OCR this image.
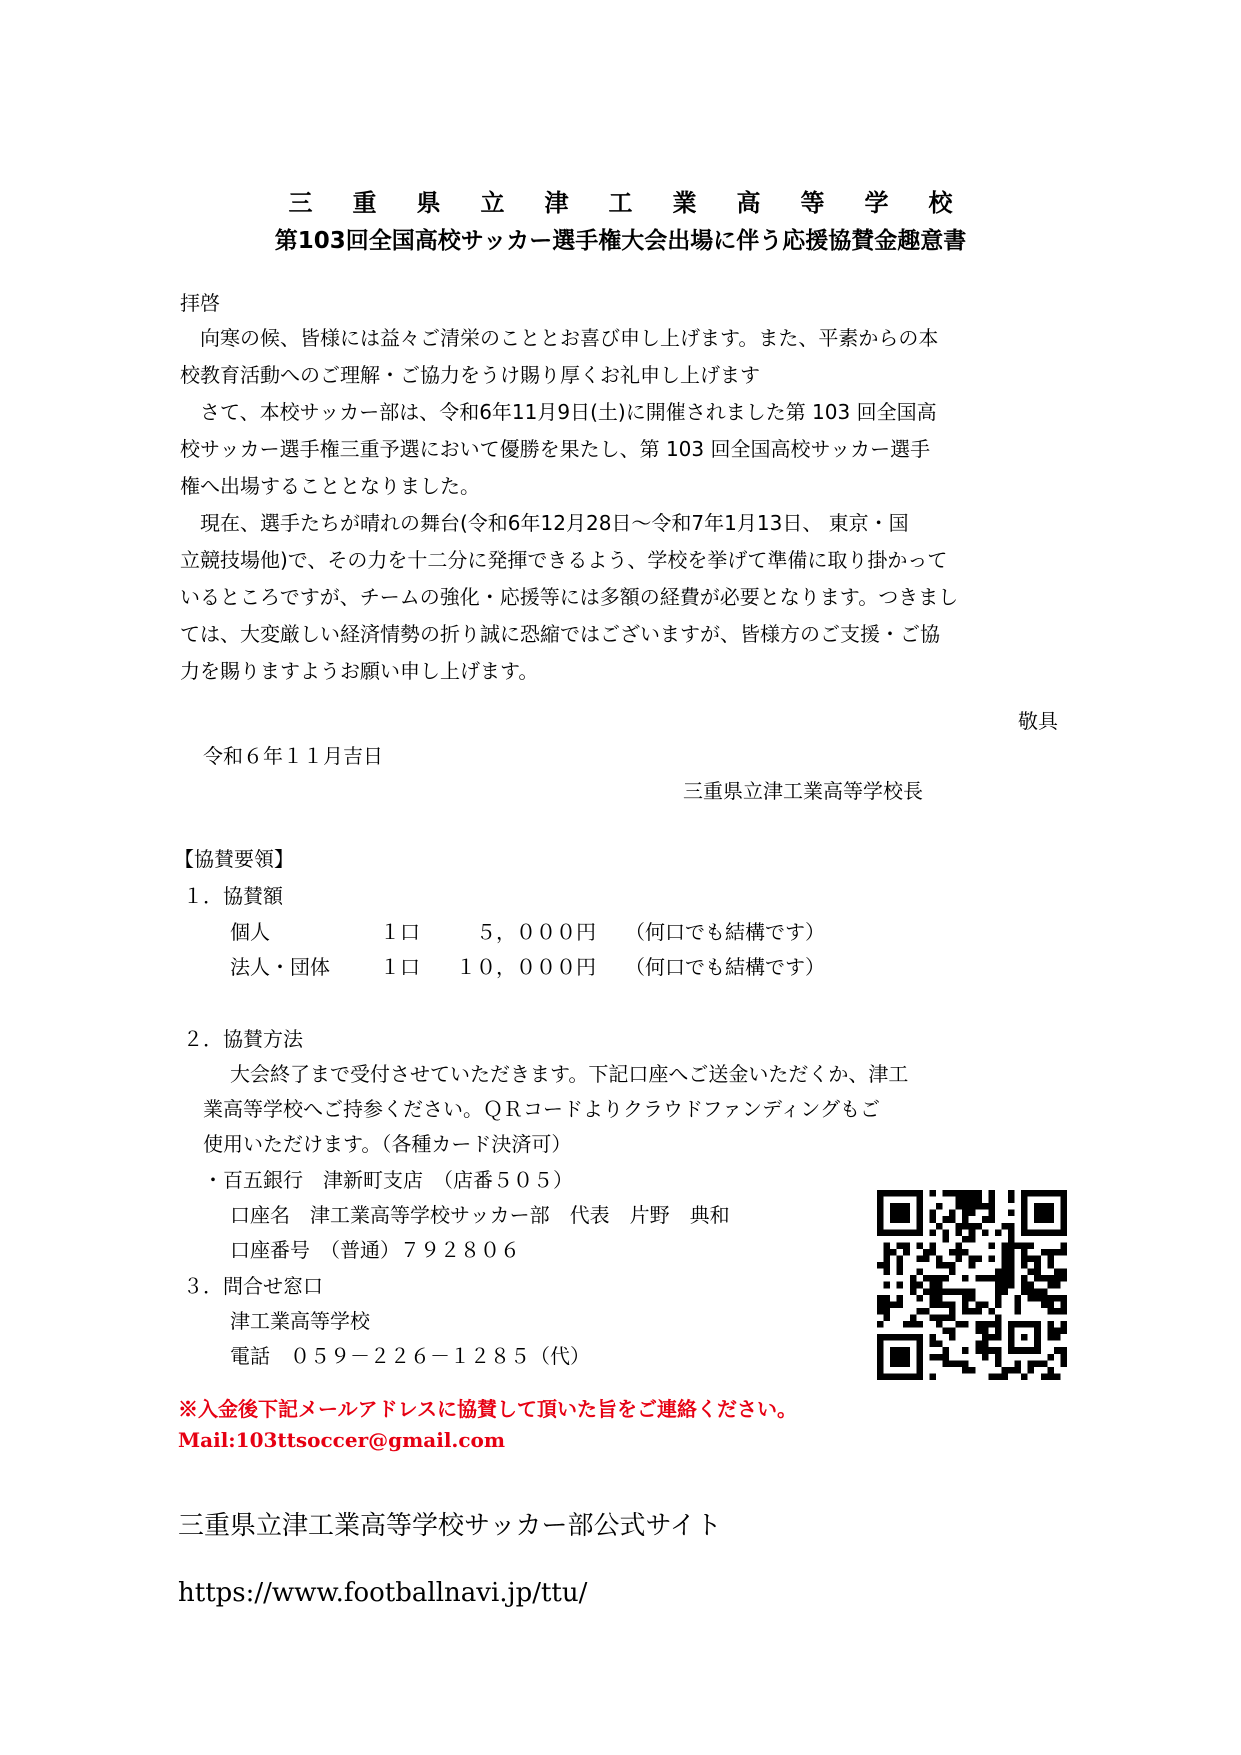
三重県立津工業高等学校
第103回全国高校サッカー選手権大会出場に伴う応援協賛金趣意書
拝啓
向寒の候、皆様には益々ご清栄のこととお喜び申し上げます。また、平素からの本
校教育活動へのご理解・ご協力をうけ賜り厚くお礼申し上げます
さて、本校サッカー部は、令和6年11月9日(土)に開催されました第 103 回全国高
校サッカー選手権三重予選において優勝を果たし、第 103 回全国高校サッカー選手
権へ出場することとなりました。
現在、選手たちが晴れの舞台(令和6年12月28日～令和7年1月13日、 東京・国
立競技場他)で、その力を十二分に発揮できるよう、学校を挙げて準備に取り掛かって
いるところですが、チームの強化・応援等には多額の経費が必要となります。つきまし
ては、大変厳しい経済情勢の折り誠に恐縮ではございますが、皆様方のご支援・ご協
力を賜りますようお願い申し上げます。
敬具
令和６年１１月吉日
三重県立津工業高等学校長
【協賛要領】
１．協賛額
個人	１口	５，０００円 （何口でも結構です）
法人・団体	１口 １０，０００円 （何口でも結構です）
２．協賛方法
大会終了まで受付させていただきます。下記口座へご送金いただくか、津工
業高等学校へご持参ください。ＱＲコードよりクラウドファンディングもご
使用いただけます。（各種カード決済可）
・百五銀行　津新町支店　（店番５０５）
口座名　津工業高等学校サッカー部　代表　片野　典和
口座番号　（普通）７９２８０６
３．問合せ窓口
津工業高等学校
電話　０５９－２２６－１２８５（代）
※入金後下記メールアドレスに協賛して頂いた旨をご連絡ください。
Mail:103ttsoccer@gmail.com
三重県立津工業高等学校サッカー部公式サイト
https://www.footballnavi.jp/ttu/
